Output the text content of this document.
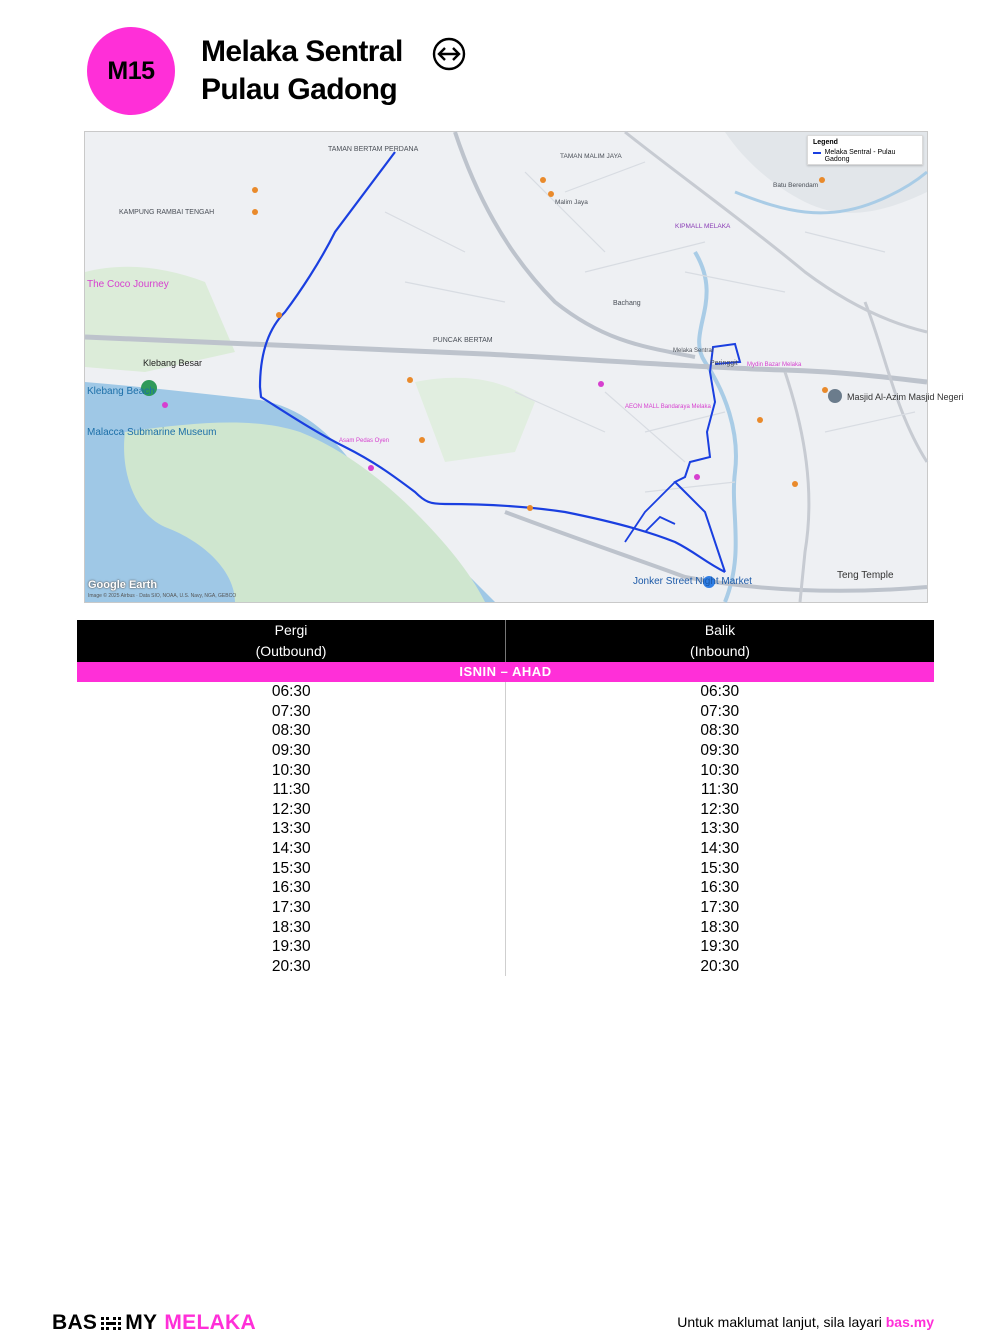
M15
Melaka Sentral
Pulau Gadong
TAMAN BERTAM PERDANA
TAMAN MALIM JAYA
Malim Jaya
KIPMALL MELAKA
Batu Berendam
KAMPUNG RAMBAI TENGAH
The Coco Journey
Klebang Besar
Klebang Beach
Malacca Submarine Museum
Bachang
Peringgit
Masjid Al-Azim Masjid Negeri
Jonker Street Night Market
Teng Temple
PUNCAK BERTAM
Melaka Sentral
Mydin Bazar Melaka
Asam Pedas Oyen
AEON MALL Bandaraya Melaka
Legend
Melaka Sentral - Pulau Gadong
Google Earth
Image © 2025 Airbus · Data SIO, NOAA, U.S. Navy, NGA, GEBCO
Pergi
(Outbound)
Balik
(Inbound)
ISNIN – AHAD
06:30
07:30
08:30
09:30
10:30
11:30
12:30
13:30
14:30
15:30
16:30
17:30
18:30
19:30
20:30
06:30
07:30
08:30
09:30
10:30
11:30
12:30
13:30
14:30
15:30
16:30
17:30
18:30
19:30
20:30
BAS MY MELAKA	Untuk maklumat lanjut, sila layari bas.my
